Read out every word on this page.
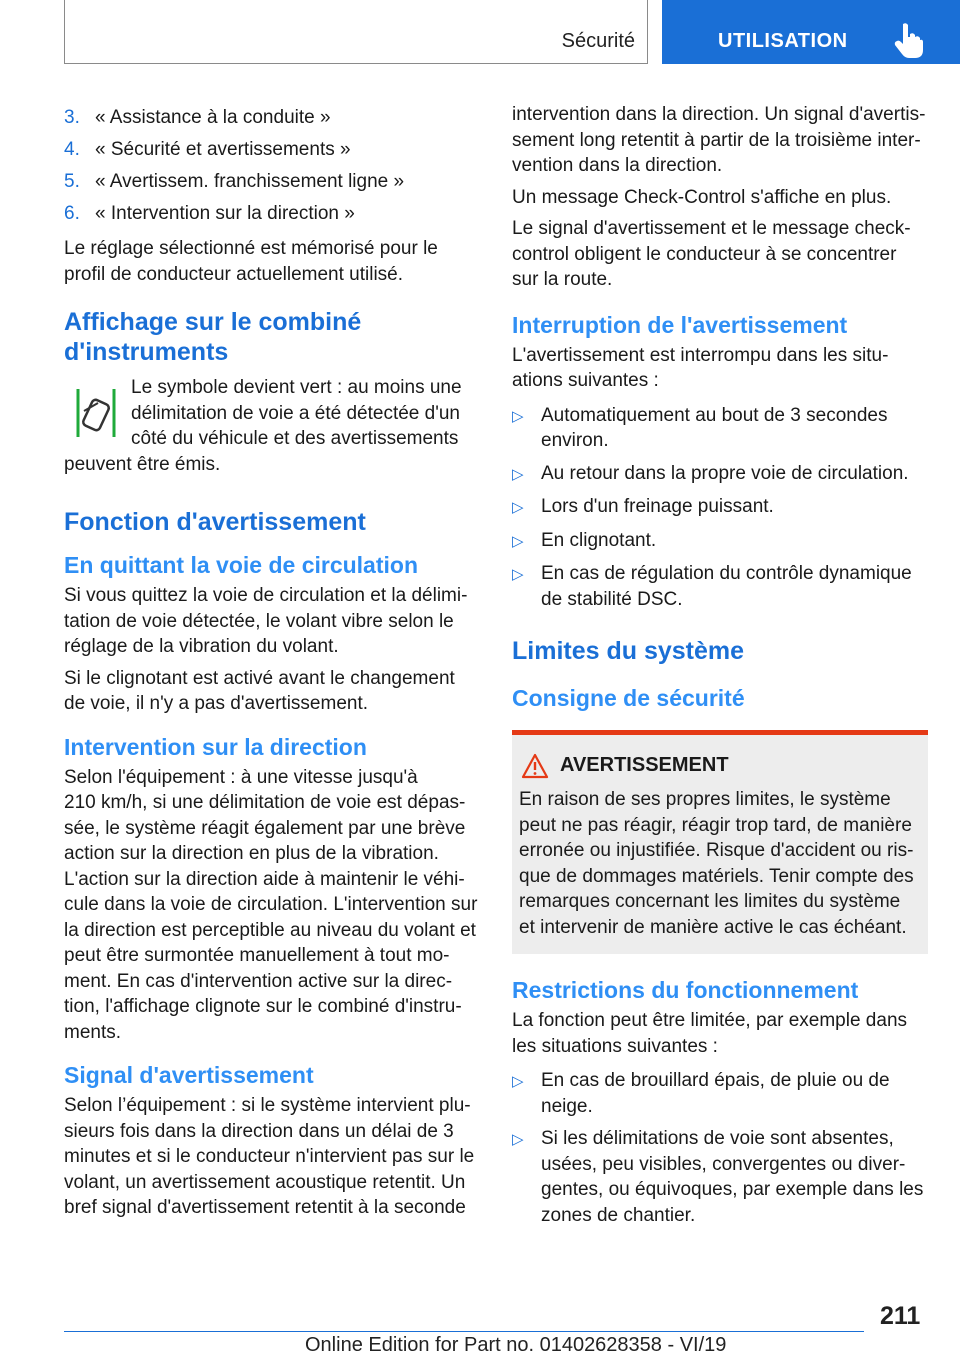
Sécurité	UTILISATION
3. « Assistance à la conduite »
4. « Sécurité et avertissements »
5. « Avertissem. franchissement ligne »
6. « Intervention sur la direction »

Le réglage sélectionné est mémorisé pour le
profil de conducteur actuellement utilisé.

Affichage sur le combiné
d'instruments
Le symbole devient vert : au moins une
délimitation de voie a été détectée d'un
côté du véhicule et des avertissements
peuvent être émis.
Fonction d'avertissement
En quittant la voie de circulation

Si vous quittez la voie de circulation et la délimi-
tation de voie détectée, le volant vibre selon le
réglage de la vibration du volant.

Si le clignotant est activé avant le changement
de voie, il n'y a pas d'avertissement.

Intervention sur la direction

Selon l'équipement : à une vitesse jusqu'à
210 km/h, si une délimitation de voie est dépas-
sée, le système réagit également par une brève
action sur la direction en plus de la vibration.
L'action sur la direction aide à maintenir le véhi-
cule dans la voie de circulation. L'intervention sur
la direction est perceptible au niveau du volant et
peut être surmontée manuellement à tout mo-
ment. En cas d'intervention active sur la direc-
tion, l'affichage clignote sur le combiné d'instru-
ments.

Signal d'avertissement

Selon l’équipement : si le système intervient plu-
sieurs fois dans la direction dans un délai de 3
minutes et si le conducteur n'intervient pas sur le
volant, un avertissement acoustique retentit. Un
bref signal d'avertissement retentit à la seconde

intervention dans la direction. Un signal d'avertis-
sement long retentit à partir de la troisième inter-
vention dans la direction.

Un message Check-Control s'affiche en plus.

Le signal d'avertissement et le message check-
control obligent le conducteur à se concentrer
sur la route.

Interruption de l'avertissement

L'avertissement est interrompu dans les situ-
ations suivantes :

▷ Automatiquement au bout de 3 secondes
environ.
▷ Au retour dans la propre voie de circulation.
▷ Lors d'un freinage puissant.
▷ En clignotant.
▷ En cas de régulation du contrôle dynamique
de stabilité DSC.
Limites du système
Consigne de sécurité
AVERTISSEMENT
En raison de ses propres limites, le système
peut ne pas réagir, réagir trop tard, de manière
erronée ou injustifiée. Risque d'accident ou ris-
que de dommages matériels. Tenir compte des
remarques concernant les limites du système
et intervenir de manière active le cas échéant.
Restrictions du fonctionnement

La fonction peut être limitée, par exemple dans
les situations suivantes :

▷ En cas de brouillard épais, de pluie ou de
neige.
▷ Si les délimitations de voie sont absentes,
usées, peu visibles, convergentes ou diver-
gentes, ou équivoques, par exemple dans les
zones de chantier.
211
Online Edition for Part no. 01402628358 - VI/19
